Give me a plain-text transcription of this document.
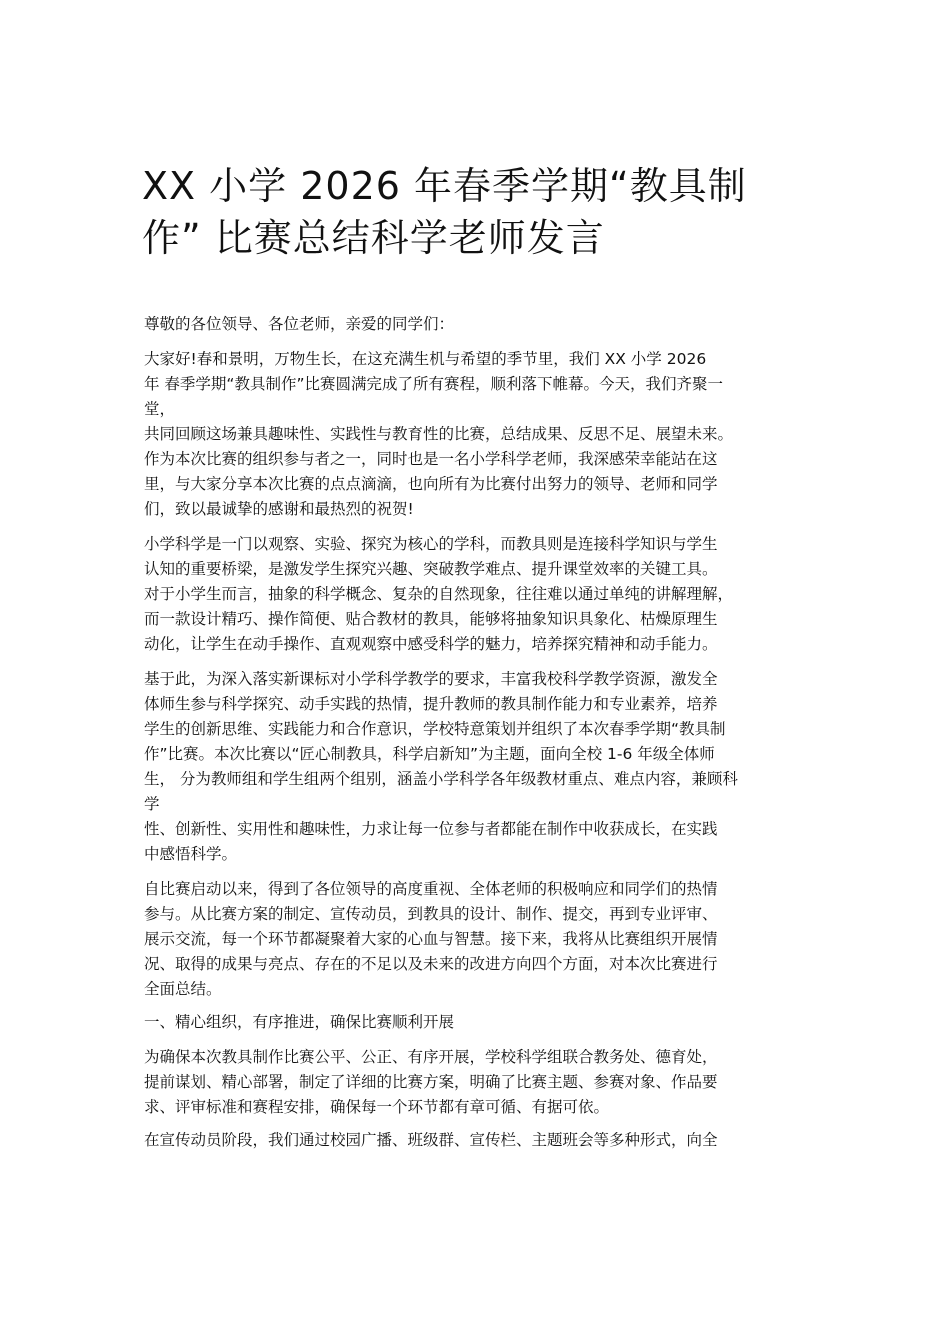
XX 小学 2026 年春季学期“教具制
作” 比赛总结科学老师发言

尊敬的各位领导、各位老师，亲爱的同学们：

大家好!春和景明，万物生长，在这充满生机与希望的季节里，我们 XX 小学 2026
年 春季学期“教具制作”比赛圆满完成了所有赛程，顺利落下帷幕。今天，我们齐聚一
堂，
共同回顾这场兼具趣味性、实践性与教育性的比赛，总结成果、反思不足、展望未来。
作为本次比赛的组织参与者之一，同时也是一名小学科学老师，我深感荣幸能站在这
里，与大家分享本次比赛的点点滴滴，也向所有为比赛付出努力的领导、老师和同学
们，致以最诚挚的感谢和最热烈的祝贺!

小学科学是一门以观察、实验、探究为核心的学科，而教具则是连接科学知识与学生
认知的重要桥梁，是激发学生探究兴趣、突破教学难点、提升课堂效率的关键工具。
对于小学生而言，抽象的科学概念、复杂的自然现象，往往难以通过单纯的讲解理解，
而一款设计精巧、操作简便、贴合教材的教具，能够将抽象知识具象化、枯燥原理生
动化，让学生在动手操作、直观观察中感受科学的魅力，培养探究精神和动手能力。

基于此，为深入落实新课标对小学科学教学的要求，丰富我校科学教学资源，激发全
体师生参与科学探究、动手实践的热情，提升教师的教具制作能力和专业素养，培养
学生的创新思维、实践能力和合作意识，学校特意策划并组织了本次春季学期“教具制
作”比赛。本次比赛以“匠心制教具，科学启新知”为主题，面向全校 1-6 年级全体师
生， 分为教师组和学生组两个组别，涵盖小学科学各年级教材重点、难点内容，兼顾科
学
性、创新性、实用性和趣味性，力求让每一位参与者都能在制作中收获成长，在实践
中感悟科学。

自比赛启动以来，得到了各位领导的高度重视、全体老师的积极响应和同学们的热情
参与。从比赛方案的制定、宣传动员，到教具的设计、制作、提交，再到专业评审、
展示交流，每一个环节都凝聚着大家的心血与智慧。接下来，我将从比赛组织开展情
况、取得的成果与亮点、存在的不足以及未来的改进方向四个方面，对本次比赛进行
全面总结。

一、精心组织，有序推进，确保比赛顺利开展

为确保本次教具制作比赛公平、公正、有序开展，学校科学组联合教务处、德育处，
提前谋划、精心部署，制定了详细的比赛方案，明确了比赛主题、参赛对象、作品要
求、评审标准和赛程安排，确保每一个环节都有章可循、有据可依。

在宣传动员阶段，我们通过校园广播、班级群、宣传栏、主题班会等多种形式，向全
